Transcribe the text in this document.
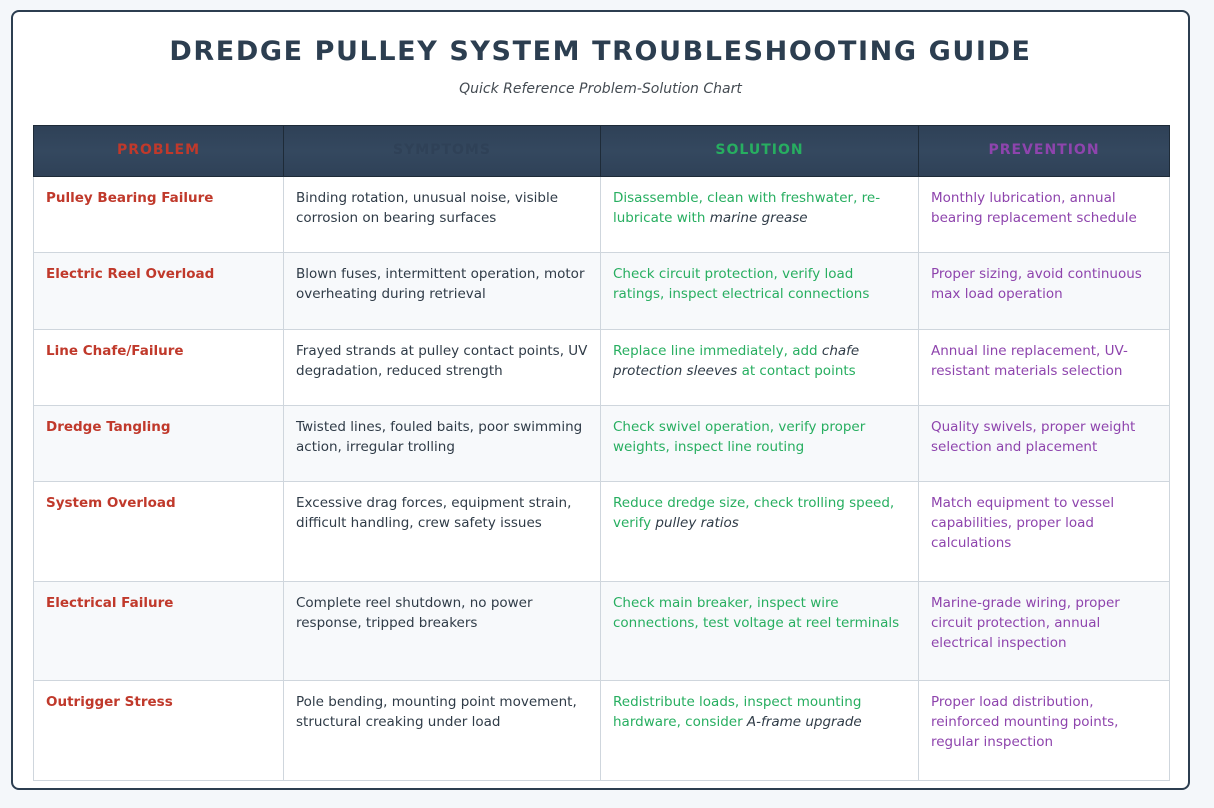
DREDGE PULLEY SYSTEM TROUBLESHOOTING GUIDE
Quick Reference Problem-Solution Chart
PROBLEM	SYMPTOMS	SOLUTION	PREVENTION
Pulley Bearing Failure	Binding rotation, unusual noise, visible corrosion on bearing surfaces	Disassemble, clean with freshwater, re-lubricate with marine grease	Monthly lubrication, annual bearing replacement schedule
Electric Reel Overload	Blown fuses, intermittent operation, motor overheating during retrieval	Check circuit protection, verify load ratings, inspect electrical connections	Proper sizing, avoid continuous max load operation
Line Chafe/Failure	Frayed strands at pulley contact points, UV degradation, reduced strength	Replace line immediately, add chafe protection sleeves at contact points	Annual line replacement, UV-resistant materials selection
Dredge Tangling	Twisted lines, fouled baits, poor swimming action, irregular trolling	Check swivel operation, verify proper weights, inspect line routing	Quality swivels, proper weight selection and placement
System Overload	Excessive drag forces, equipment strain, difficult handling, crew safety issues	Reduce dredge size, check trolling speed, verify pulley ratios	Match equipment to vessel capabilities, proper load calculations
Electrical Failure	Complete reel shutdown, no power response, tripped breakers	Check main breaker, inspect wire connections, test voltage at reel terminals	Marine-grade wiring, proper circuit protection, annual electrical inspection
Outrigger Stress	Pole bending, mounting point movement, structural creaking under load	Redistribute loads, inspect mounting hardware, consider A-frame upgrade	Proper load distribution, reinforced mounting points, regular inspection
